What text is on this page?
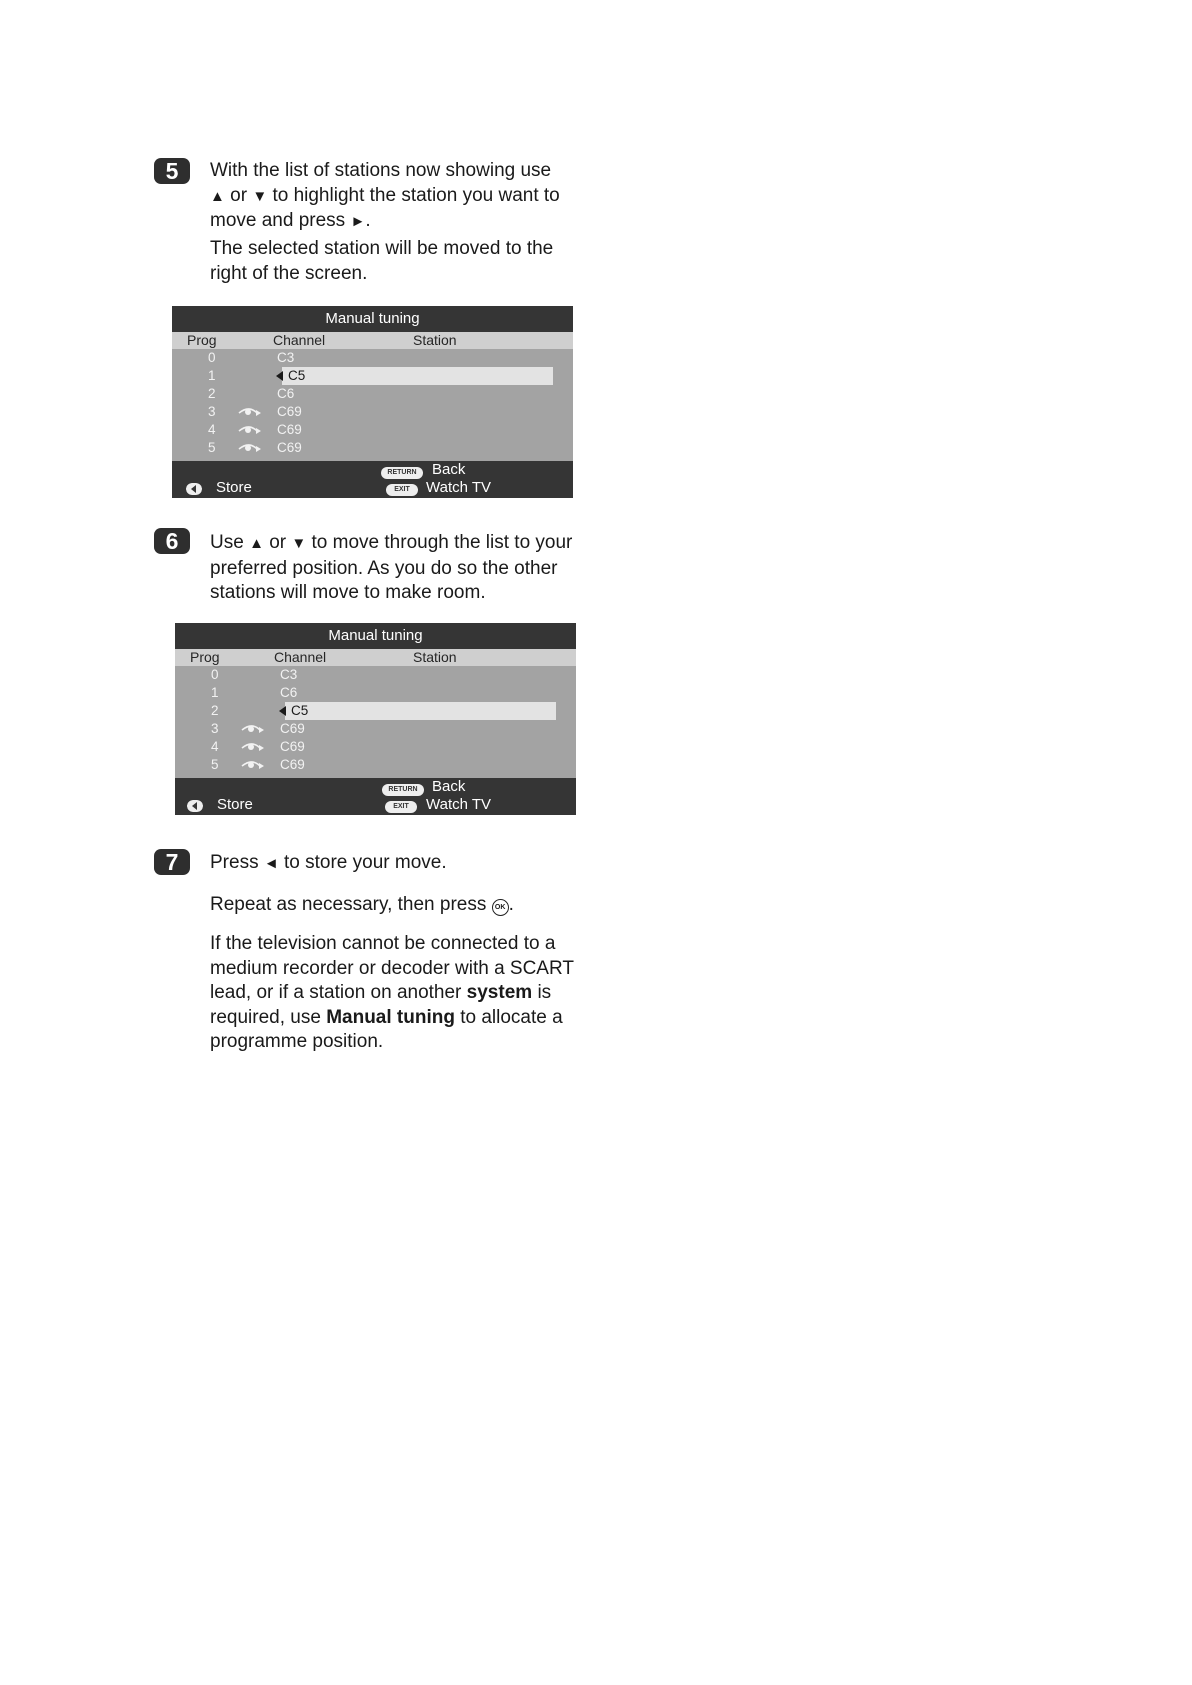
5	With the list of stations now showing use
▲ or ▼ to highlight the station you want to
move and press ►.

The selected station will be moved to the right of the screen.

Manual tuning
Prog	Channel	Station
0	C3
1	C5
2	C6
3	C69
4	C69
5	C69
RETURN	Back
EXIT	Watch TV
Store
6	Use ▲ or ▼ to move through the list to your preferred position. As you do so the other stations will move to make room.

Manual tuning
Prog	Channel	Station
0	C3
1	C6
2	C5
3	C69
4	C69
5	C69
RETURN Back
EXIT	Watch TV
Store
7	Press ◄ to store your move.

Repeat as necessary, then press OK .

If the television cannot be connected to a medium recorder or decoder with a SCART lead, or if a station on another system is required, use Manual tuning to allocate a programme position.
